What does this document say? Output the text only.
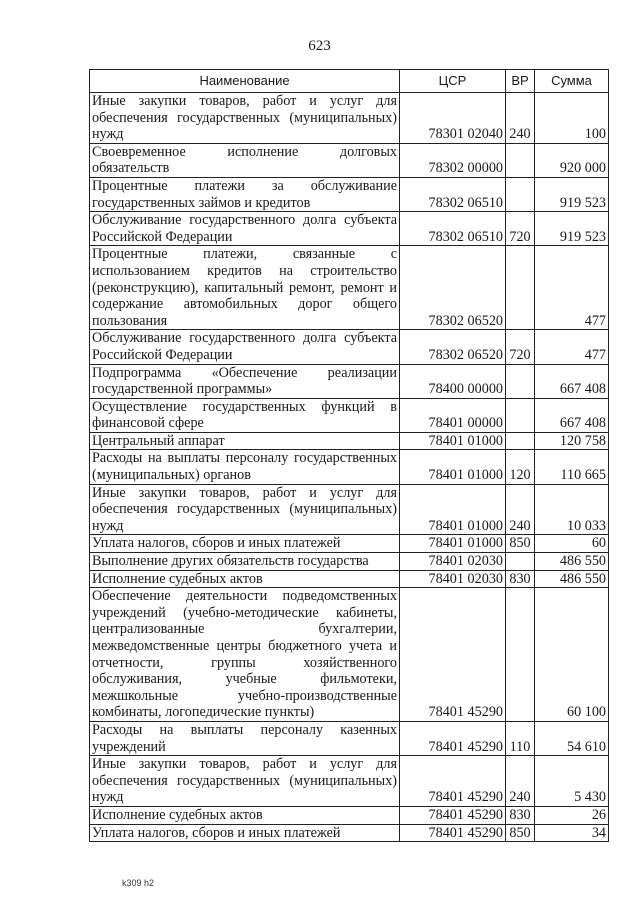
623
Наименование	ЦСР	ВР	Сумма
Иные закупки товаров, работ и услуг для обеспечения государственных (муниципальных) нужд	78301 02040	240	100
Своевременное исполнение долговых обязательств	78302 00000		920 000
Процентные платежи за обслуживание государственных займов и кредитов	78302 06510		919 523
Обслуживание государственного долга субъекта Российской Федерации	78302 06510	720	919 523
Процентные платежи, связанные с использованием кредитов на строительство (реконструкцию), капитальный ремонт, ремонт и содержание автомобильных дорог общего пользования	78302 06520		477
Обслуживание государственного долга субъекта Российской Федерации	78302 06520	720	477
Подпрограмма «Обеспечение реализации государственной программы»	78400 00000		667 408
Осуществление государственных функций в финансовой сфере	78401 00000		667 408
Центральный аппарат	78401 01000		120 758
Расходы на выплаты персоналу государственных (муниципальных) органов	78401 01000	120	110 665
Иные закупки товаров, работ и услуг для обеспечения государственных (муниципальных) нужд	78401 01000	240	10 033
Уплата налогов, сборов и иных платежей	78401 01000	850	60
Выполнение других обязательств государства	78401 02030		486 550
Исполнение судебных актов	78401 02030	830	486 550
Обеспечение деятельности подведомственных учреждений (учебно-методические кабинеты, централизованные бухгалтерии, межведомственные центры бюджетного учета и отчетности, группы хозяйственного обслуживания, учебные фильмотеки, межшкольные учебно-производственные комбинаты, логопедические пункты)	78401 45290		60 100
Расходы на выплаты персоналу казенных учреждений	78401 45290	110	54 610
Иные закупки товаров, работ и услуг для обеспечения государственных (муниципальных) нужд	78401 45290	240	5 430
Исполнение судебных актов	78401 45290	830	26
Уплата налогов, сборов и иных платежей	78401 45290	850	34
k309 h2
